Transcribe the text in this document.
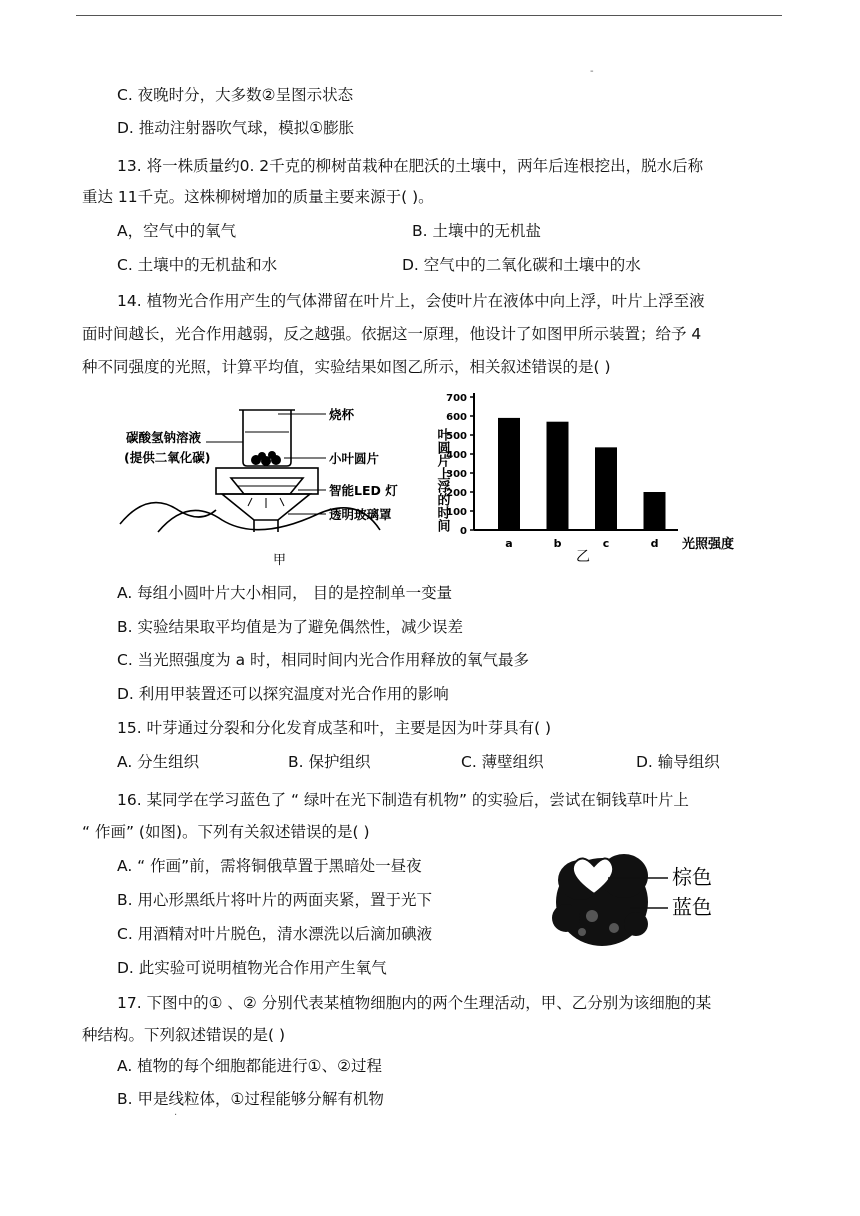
-
C. 夜晚时分，大多数②呈图示状态
D. 推动注射器吹气球，模拟①膨胀
13. 将一株质量约0. 2千克的柳树苗栽种在肥沃的土壤中，两年后连根挖出，脱水后称
重达 11千克。这株柳树增加的质量主要来源于( )。
A，空气中的氧气	B. 土壤中的无机盐
C. 土壤中的无机盐和水	D. 空气中的二氧化碳和土壤中的水
14. 植物光合作用产生的气体滞留在叶片上，会使叶片在液体中向上浮，叶片上浮至液
面时间越长，光合作用越弱，反之越强。依据这一原理，他设计了如图甲所示装置；给予 4
种不同强度的光照，计算平均值，实验结果如图乙所示，相关叙述错误的是( )
碳酸氢钠溶液
(提供二氧化碳)
烧杯
小叶圆片
智能LED 灯
透明玻璃罩
甲
叶圆片上浮的时间 0
100
200
300
400
500
600
700
a	b	c	d 光照强度
乙
A. 每组小圆叶片大小相同， 目的是控制单一变量
B. 实验结果取平均值是为了避免偶然性，减少误差
C. 当光照强度为 a 时，相同时间内光合作用释放的氧气最多
D. 利用甲装置还可以探究温度对光合作用的影响
15. 叶芽通过分裂和分化发育成茎和叶，主要是因为叶芽具有( )
A. 分生组织	B. 保护组织	C. 薄壁组织	D. 输导组织
16. 某同学在学习蓝色了 “ 绿叶在光下制造有机物” 的实验后，尝试在铜钱草叶片上
“ 作画” (如图)。下列有关叙述错误的是( )
A. “ 作画”前，需将铜俄草置于黑暗处一昼夜
B. 用心形黑纸片将叶片的两面夹紧，置于光下
C. 用酒精对叶片脱色，清水漂洗以后滴加碘液
D. 此实验可说明植物光合作用产生氧气
棕色
蓝色
17. 下图中的① 、② 分别代表某植物细胞内的两个生理活动，甲、乙分别为该细胞的某
种结构。下列叙述错误的是( )
A. 植物的每个细胞都能进行①、②过程
B. 甲是线粒体，①过程能够分解有机物
.
